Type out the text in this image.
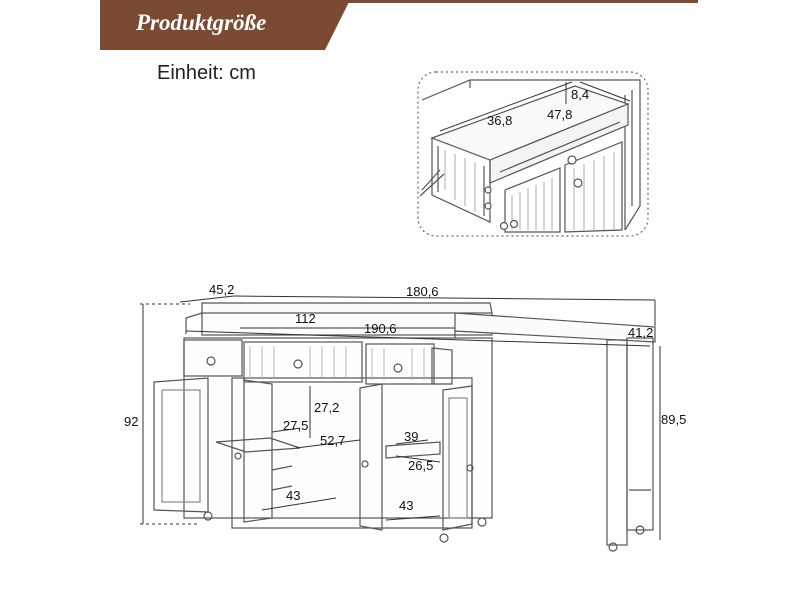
Produktgröße
Einheit: cm
36,8	47,8
8,4
45,2	180,6
112
190,6	41,2
92	89,5
27,2
27,5
52,7	39
26,5
43
43
